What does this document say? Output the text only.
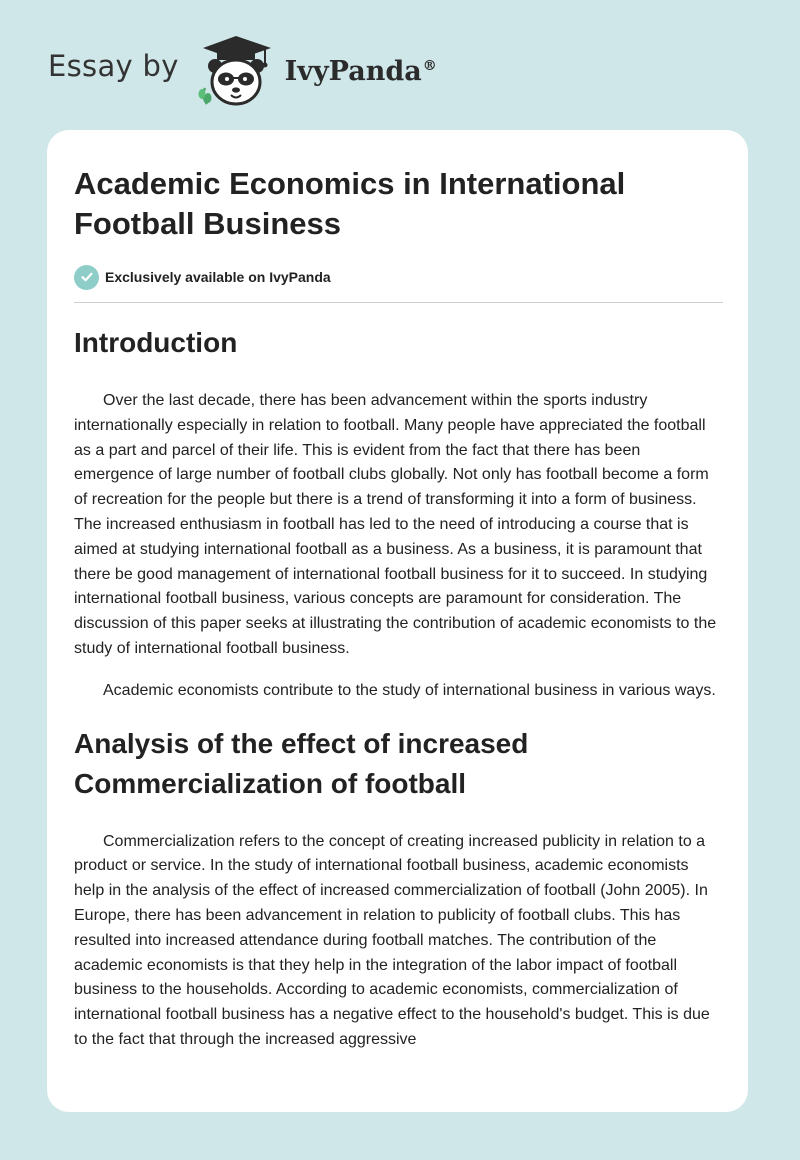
Essay by	IvyPanda®
Academic Economics in International Football Business
Exclusively available on IvyPanda
Introduction

Over the last decade, there has been advancement within the sports industry internationally especially in relation to football. Many people have appreciated the football as a part and parcel of their life. This is evident from the fact that there has been emergence of large number of football clubs globally. Not only has football become a form of recreation for the people but there is a trend of transforming it into a form of business. The increased enthusiasm in football has led to the need of introducing a course that is aimed at studying international football as a business. As a business, it is paramount that there be good management of international football business for it to succeed. In studying international football business, various concepts are paramount for consideration. The discussion of this paper seeks at illustrating the contribution of academic economists to the study of international football business.

Academic economists contribute to the study of international business in various ways.

Analysis of the effect of increased Commercialization of football

Commercialization refers to the concept of creating increased publicity in relation to a product or service. In the study of international football business, academic economists help in the analysis of the effect of increased commercialization of football (John 2005). In Europe, there has been advancement in relation to publicity of football clubs. This has resulted into increased attendance during football matches. The contribution of the academic economists is that they help in the integration of the labor impact of football business to the households. According to academic economists, commercialization of international football business has a negative effect to the household's budget. This is due to the fact that through the increased aggressive
